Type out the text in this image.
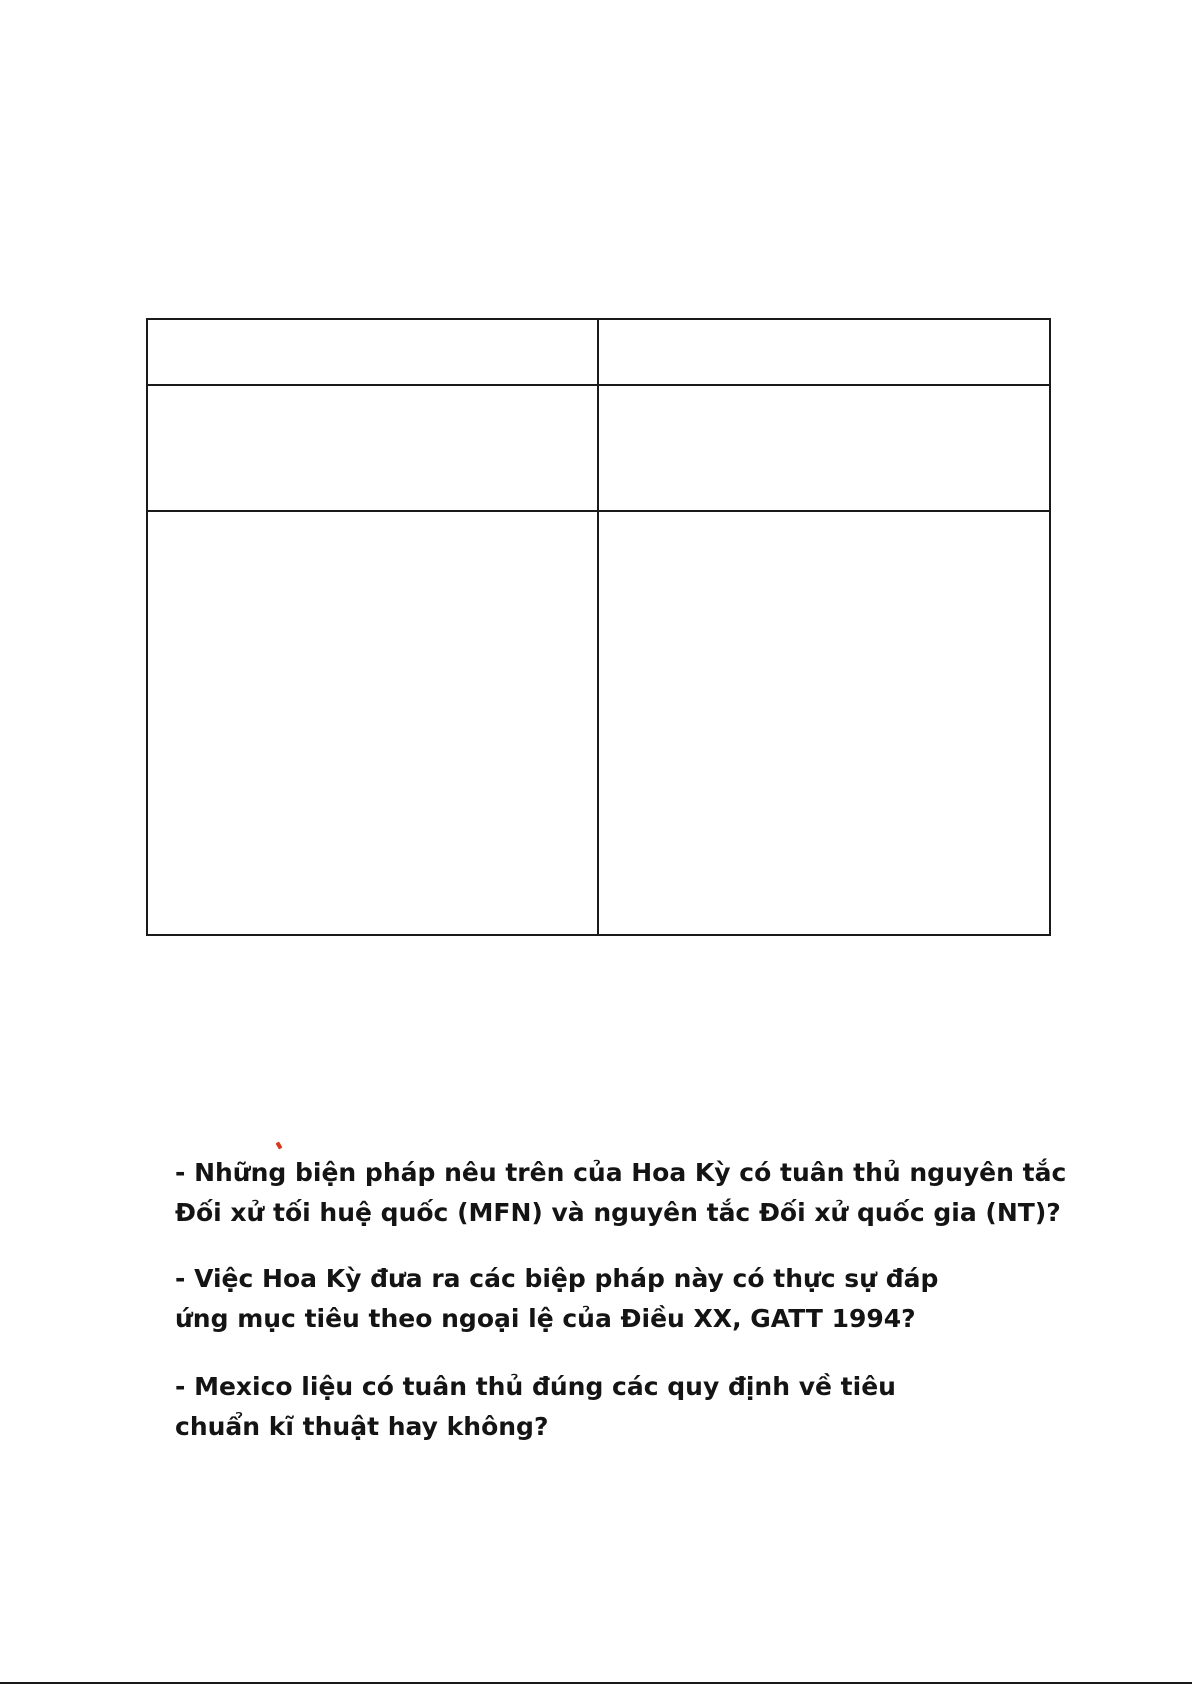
- Những biện pháp nêu trên của Hoa Kỳ có tuân thủ nguyên tắc
Đối xử tối huệ quốc (MFN) và nguyên tắc Đối xử quốc gia (NT)?

- Việc Hoa Kỳ đưa ra các biệp pháp này có thực sự đáp
ứng mục tiêu theo ngoại lệ của Điều XX, GATT 1994?

- Mexico liệu có tuân thủ đúng các quy định về tiêu
chuẩn kĩ thuật hay không?
